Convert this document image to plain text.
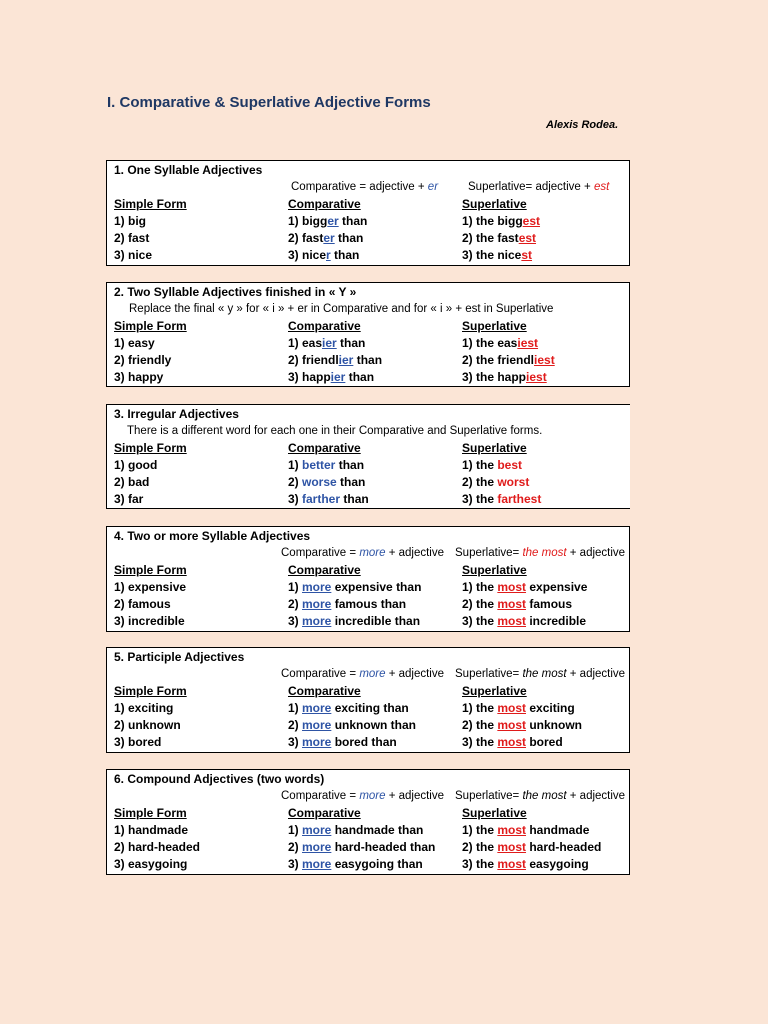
I. Comparative & Superlative Adjective Forms
Alexis Rodea.
1. One Syllable Adjectives
Comparative = adjective + er	Superlative= adjective + est
Simple Form	Comparative	Superlative
1) big	1) bigger than	1) the biggest
2) fast	2) faster than	2) the fastest
3) nice	3) nicer than	3) the nicest
2. Two Syllable Adjectives finished in « Y »
Replace the final « y » for « i » + er in Comparative and for « i » + est in Superlative
Simple Form	Comparative	Superlative
1) easy	1) easier than	1) the easiest
2) friendly	2) friendlier than	2) the friendliest
3) happy	3) happier than	3) the happiest
3. Irregular Adjectives
There is a different word for each one in their Comparative and Superlative forms.
Simple Form	Comparative	Superlative
1) good	1) better than	1) the best
2) bad	2) worse than	2) the worst
3) far	3) farther than	3) the farthest
4. Two or more Syllable Adjectives
Comparative = more + adjective Superlative= the most + adjective
Simple Form	Comparative	Superlative
1) expensive	1) more expensive than	1) the most expensive
2) famous	2) more famous than	2) the most famous
3) incredible	3) more incredible than	3) the most incredible
5. Participle Adjectives
Comparative = more + adjective Superlative= the most + adjective
Simple Form	Comparative	Superlative
1) exciting	1) more exciting than	1) the most exciting
2) unknown	2) more unknown than	2) the most unknown
3) bored	3) more bored than	3) the most bored
6. Compound Adjectives (two words)
Comparative = more + adjective Superlative= the most + adjective
Simple Form	Comparative	Superlative
1) handmade	1) more handmade than	1) the most handmade
2) hard-headed	2) more hard-headed than 2) the most hard-headed
3) easygoing	3) more easygoing than	3) the most easygoing
